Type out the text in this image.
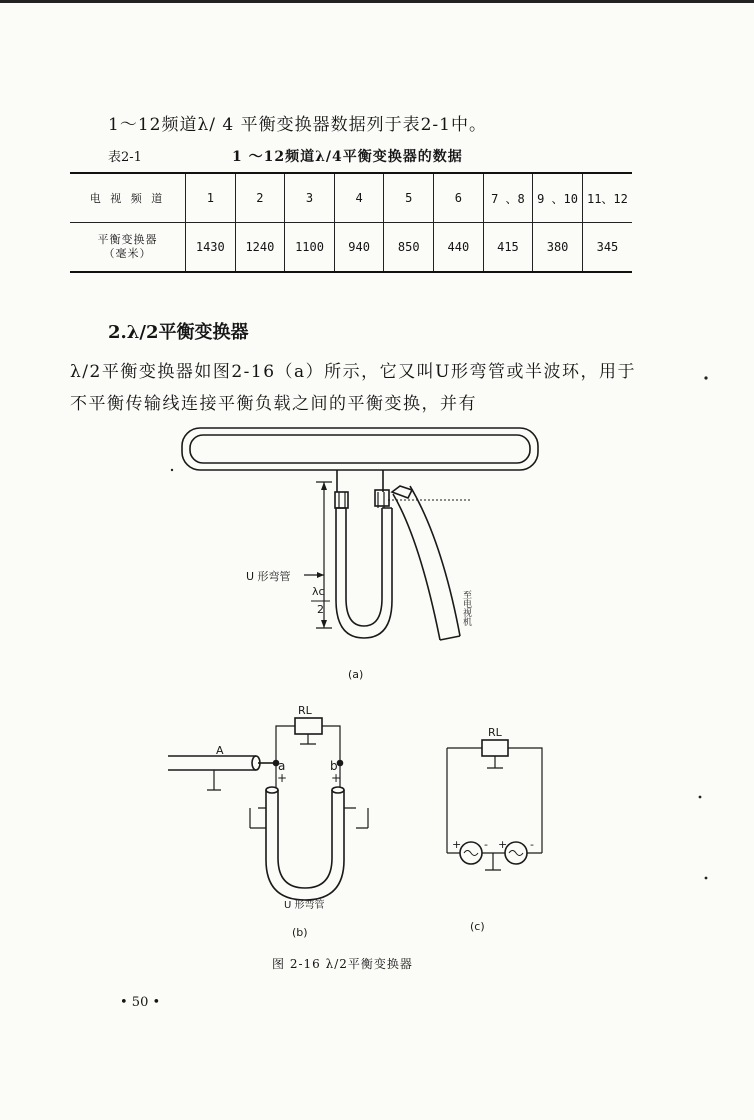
1～12频道λ/ 4 平衡变换器数据列于表2-1中。
表2-1	1 ～12频道λ/4平衡变换器的数据
电 视 频 道	1	2	3	4	5	6	7 、8	9 、10	11、12

平衡变换器
（毫米）	1430	1240	1100	940	850	440	415	380	345
2.λ/2平衡变换器
λ/2平衡变换器如图2-16（a）所示，它又叫U形弯管或半波环，用于不平衡传输线连接平衡负载之间的平衡变换，并有
U 形弯管
λc
2	至电视机
(a)
A
RL
a	b
+	+
U 形弯管
(b)
RL
+ - + -
(c)
图 2-16 λ/2平衡变换器
• 50 •
